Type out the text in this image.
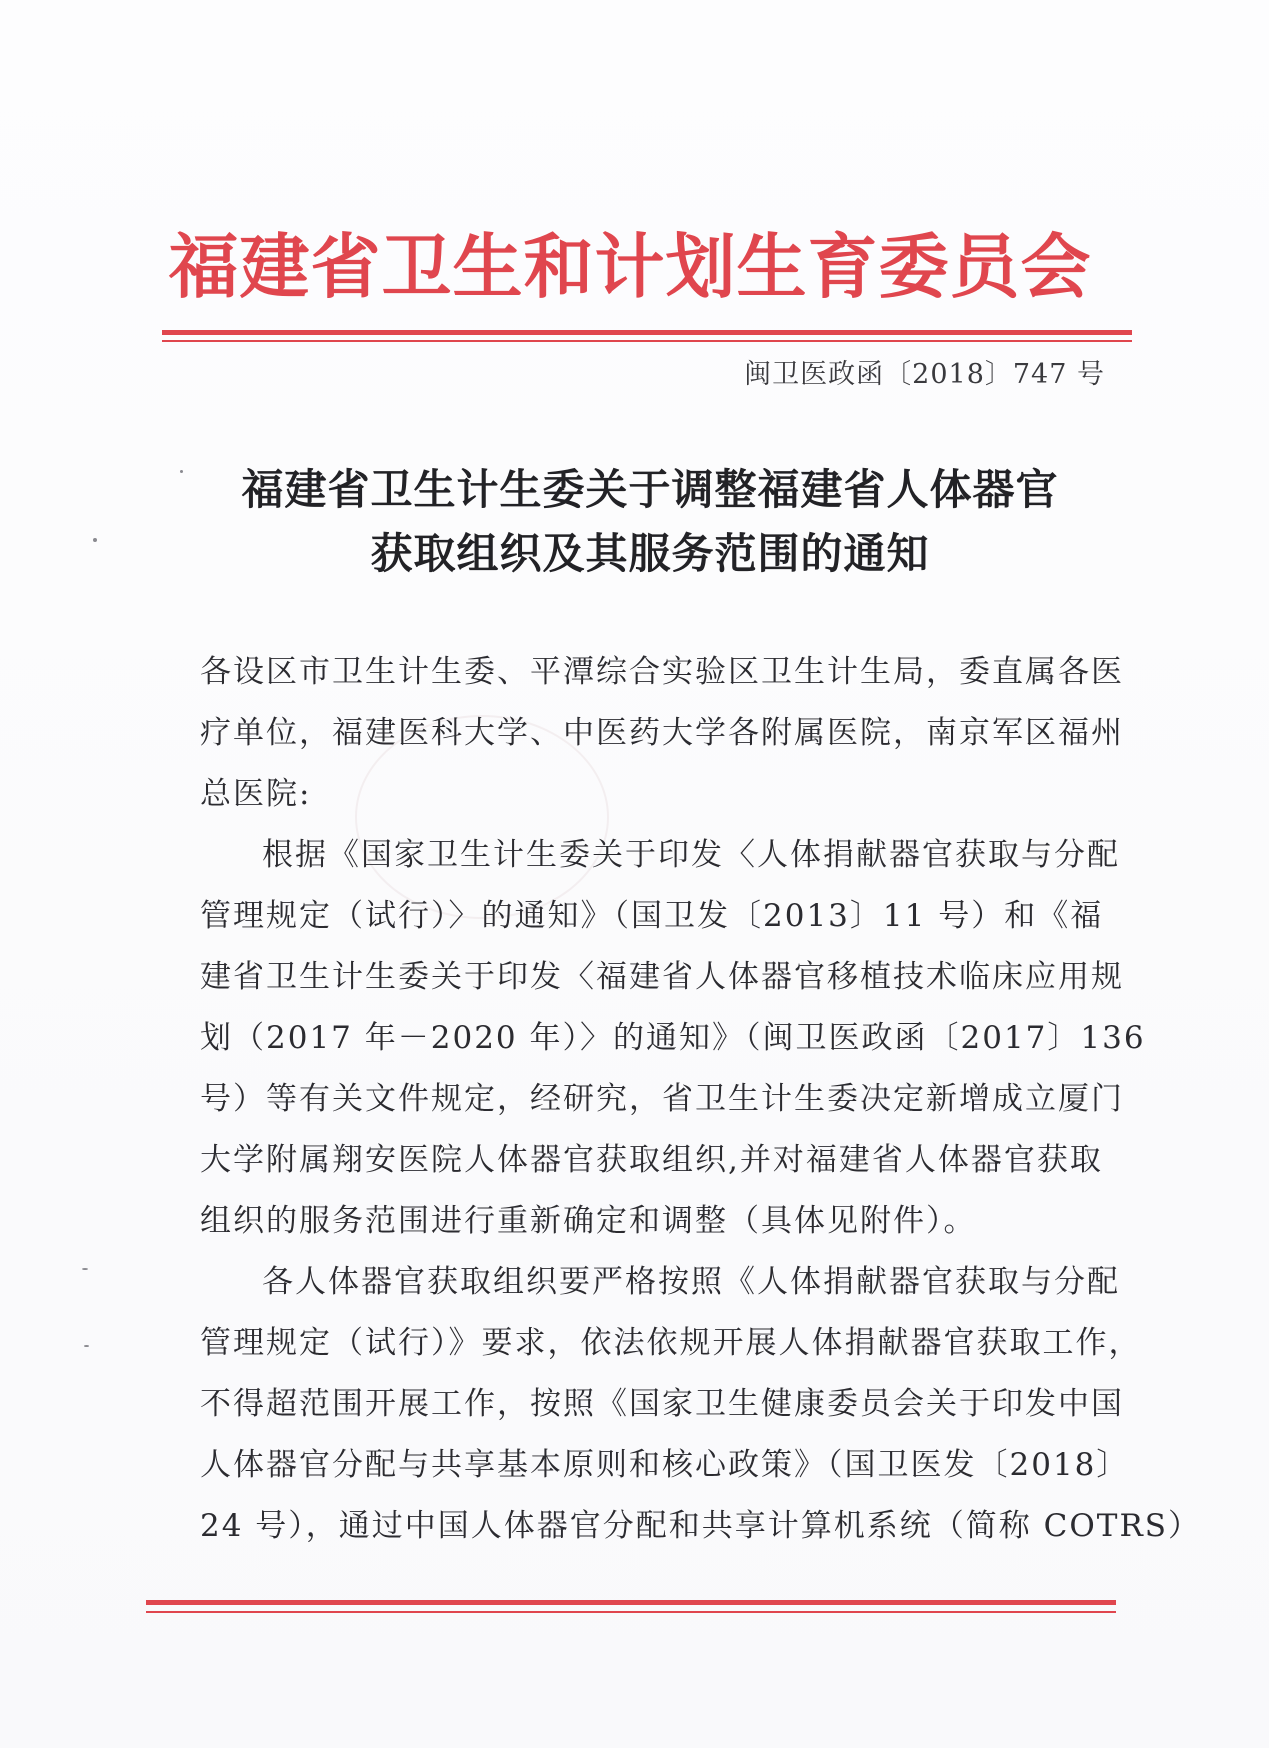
福建省卫生和计划生育委员会
闽卫医政函〔2018〕747 号
福建省卫生计生委关于调整福建省人体器官
获取组织及其服务范围的通知
各设区市卫生计生委、平潭综合实验区卫生计生局，委直属各医
疗单位，福建医科大学、中医药大学各附属医院，南京军区福州
总医院:
根据《国家卫生计生委关于印发〈人体捐献器官获取与分配
管理规定（试行）〉的通知》（国卫发〔2013〕11 号）和《福
建省卫生计生委关于印发〈福建省人体器官移植技术临床应用规
划（2017 年－2020 年）〉的通知》（闽卫医政函〔2017〕136
号）等有关文件规定，经研究，省卫生计生委决定新增成立厦门
大学附属翔安医院人体器官获取组织,并对福建省人体器官获取
组织的服务范围进行重新确定和调整（具体见附件）。
各人体器官获取组织要严格按照《人体捐献器官获取与分配
管理规定（试行）》要求，依法依规开展人体捐献器官获取工作，
不得超范围开展工作，按照《国家卫生健康委员会关于印发中国
人体器官分配与共享基本原则和核心政策》（国卫医发〔2018〕
24 号），通过中国人体器官分配和共享计算机系统（简称 COTRS）
